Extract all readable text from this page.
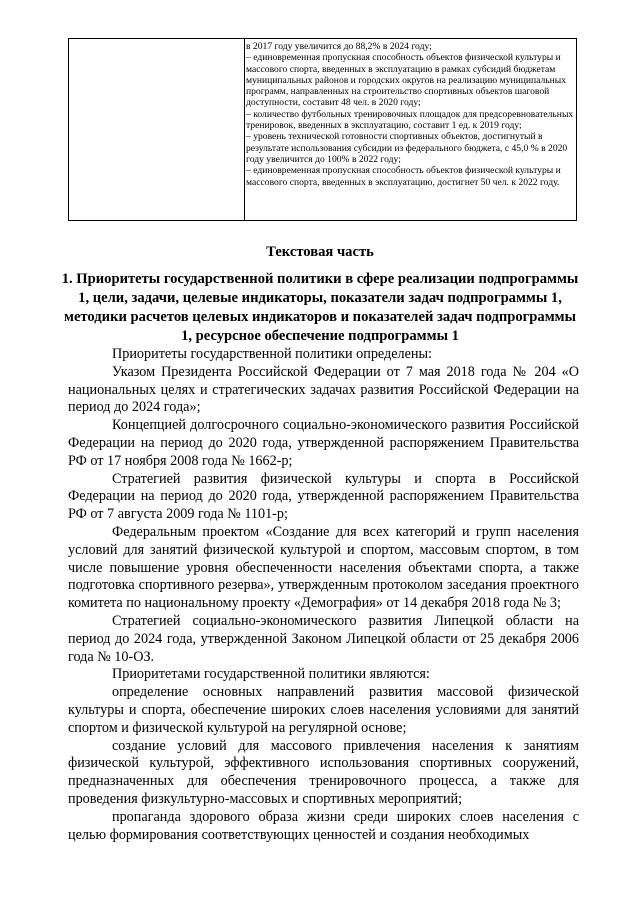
в 2017 году увеличится до 88,2% в 2024 году;

– единовременная пропускная способность объектов физической культуры и массового спорта, введенных в эксплуатацию в рамках субсидий бюджетам муниципальных районов и городских округов на реализацию муниципальных программ, направленных на строительство спортивных объектов шаговой доступности, составит 48 чел. в 2020 году;

– количество футбольных тренировочных площадок для предсоревновательных тренировок, введенных в эксплуатацию, составит 1 ед. к 2019 году;

– уровень технической готовности спортивных объектов, достигнутый в результате использования субсидии из федерального бюджета, с 45,0 % в 2020 году увеличится до 100% в 2022 году;

– единовременная пропускная способность объектов физической культуры и массового спорта, введенных в эксплуатацию, достигнет 50 чел. к 2022 году.

Текстовая часть
1. Приоритеты государственной политики в сфере реализации подпрограммы 1, цели, задачи, целевые индикаторы, показатели задач подпрограммы 1, методики расчетов целевых индикаторов и показателей задач подпрограммы 1, ресурсное обеспечение подпрограммы 1

Приоритеты государственной политики определены:

Указом Президента Российской Федерации от 7 мая 2018 года № 204 «О национальных целях и стратегических задачах развития Российской Федерации на период до 2024 года»;

Концепцией долгосрочного социально-экономического развития Российской Федерации на период до 2020 года, утвержденной распоряжением Правительства РФ от 17 ноября 2008 года № 1662-р;

Стратегией развития физической культуры и спорта в Российской Федерации на период до 2020 года, утвержденной распоряжением Правительства РФ от 7 августа 2009 года № 1101-р;

Федеральным проектом «Создание для всех категорий и групп населения условий для занятий физической культурой и спортом, массовым спортом, в том числе повышение уровня обеспеченности населения объектами спорта, а также подготовка спортивного резерва», утвержденным протоколом заседания проектного комитета по национальному проекту «Демография» от 14 декабря 2018 года № 3;

Стратегией социально-экономического развития Липецкой области на период до 2024 года, утвержденной Законом Липецкой области от 25 декабря 2006 года № 10-ОЗ.

Приоритетами государственной политики являются:

определение основных направлений развития массовой физической культуры и спорта, обеспечение широких слоев населения условиями для занятий спортом и физической культурой на регулярной основе;

создание условий для массового привлечения населения к занятиям физической культурой, эффективного использования спортивных сооружений, предназначенных для обеспечения тренировочного процесса, а также для проведения физкультурно-массовых и спортивных мероприятий;

пропаганда здорового образа жизни среди широких слоев населения с целью формирования соответствующих ценностей и создания необходимых
